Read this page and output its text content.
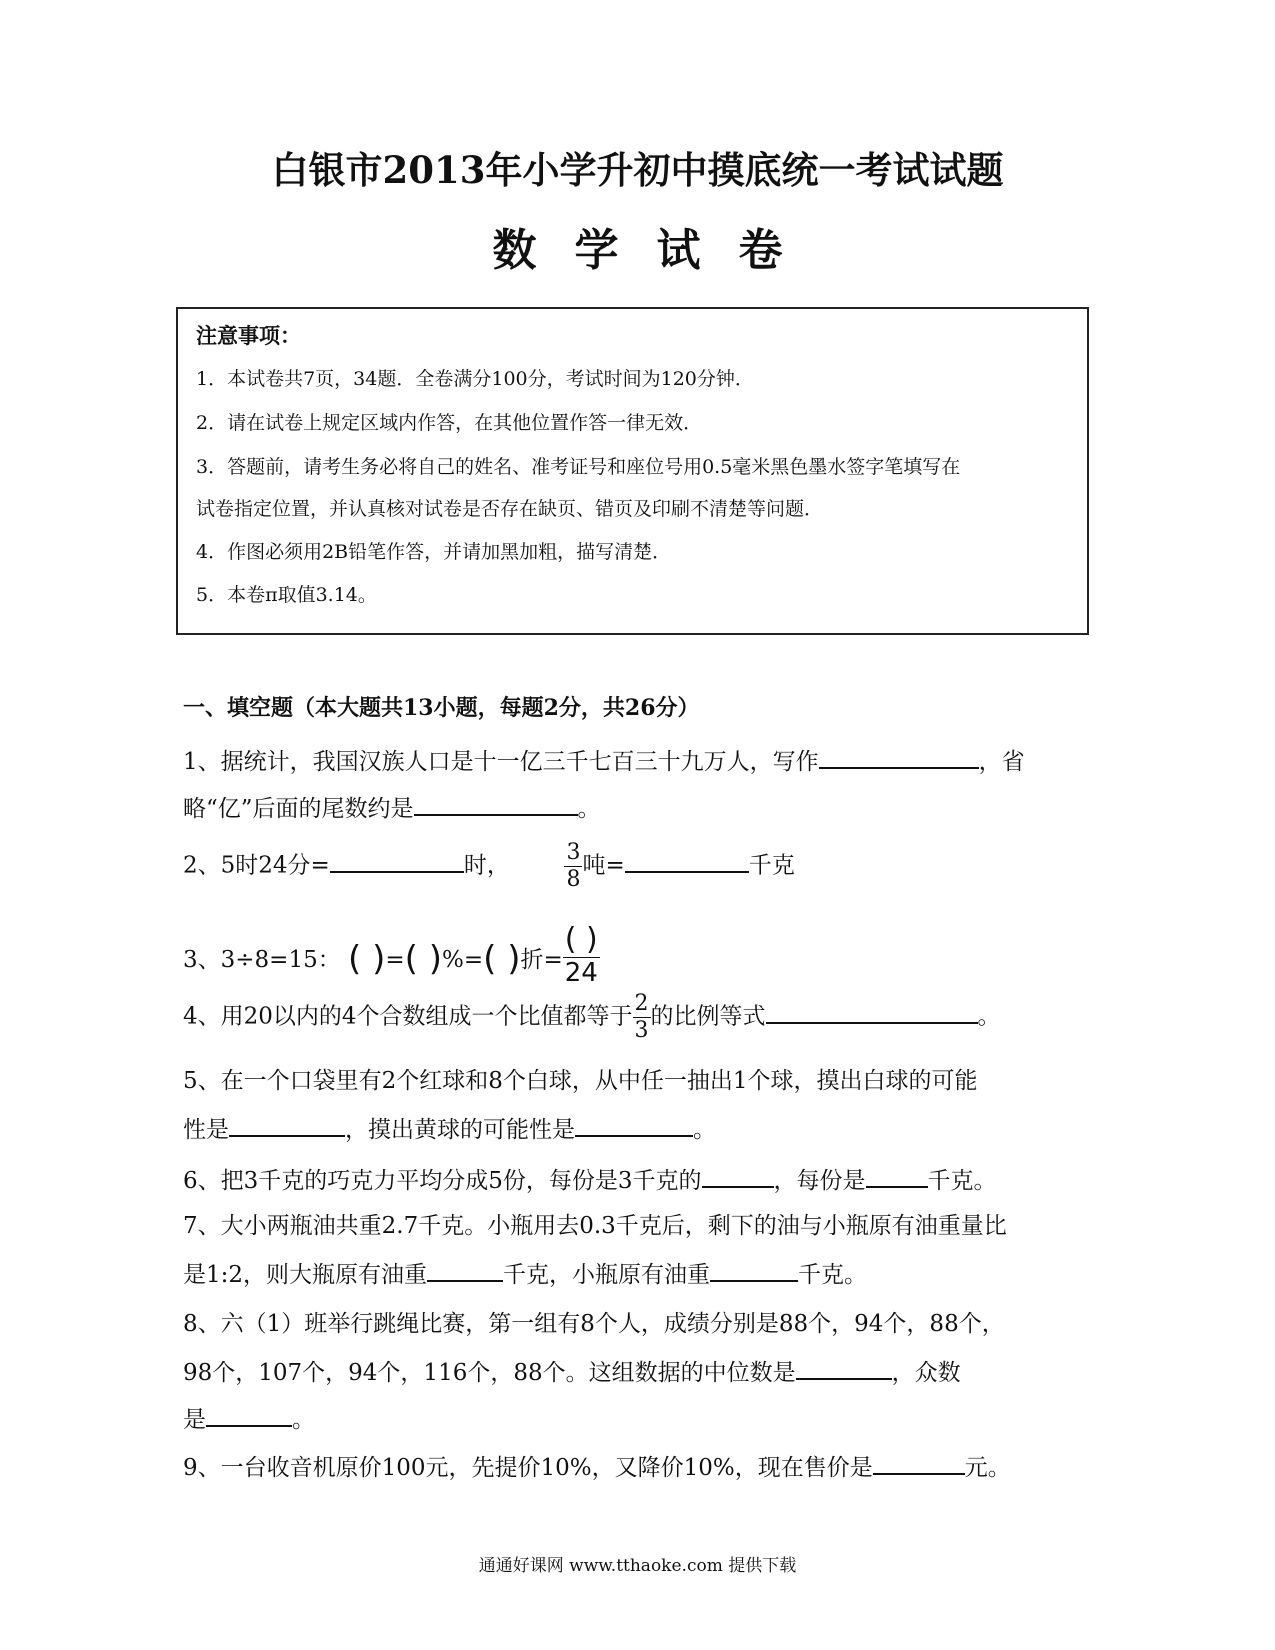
白银市2013年小学升初中摸底统一考试试题
数学试卷
注意事项：
1．本试卷共7页，34题．全卷满分100分，考试时间为120分钟．
2．请在试卷上规定区域内作答，在其他位置作答一律无效．
3．答题前，请考生务必将自己的姓名、准考证号和座位号用0.5毫米黑色墨水签字笔填写在
试卷指定位置，并认真核对试卷是否存在缺页、错页及印刷不清楚等问题．
4．作图必须用2B铅笔作答，并请加黑加粗，描写清楚．
5．本卷π取值3.14。
一、填空题（本大题共13小题，每题2分，共26分）
1、据统计，我国汉族人口是十一亿三千七百三十九万人，写作	，省
略“亿”后面的尾数约是	。
2、5时24分=	时， $\frac{3}{8}$ 吨=	千克
3、3÷8=15： ( )=( )%=( )折= $\frac{( )}{24}$
4、用20以内的4个合数组成一个比值都等于 $\frac{2}{3}$ 的比例等式	。
5、在一个口袋里有2个红球和8个白球，从中任一抽出1个球，摸出白球的可能
性是	，摸出黄球的可能性是	。
6、把3千克的巧克力平均分成5份，每份是3千克的	，每份是	千克。
7、大小两瓶油共重2.7千克。小瓶用去0.3千克后，剩下的油与小瓶原有油重量比
是1:2，则大瓶原有油重	千克，小瓶原有油重	千克。
8、六（1）班举行跳绳比赛，第一组有8个人，成绩分别是88个，94个，88个，
98个，107个，94个，116个，88个。这组数据的中位数是	，众数
是	。
9、一台收音机原价100元，先提价10%，又降价10%，现在售价是	元。
通通好课网 www.tthaoke.com 提供下载
